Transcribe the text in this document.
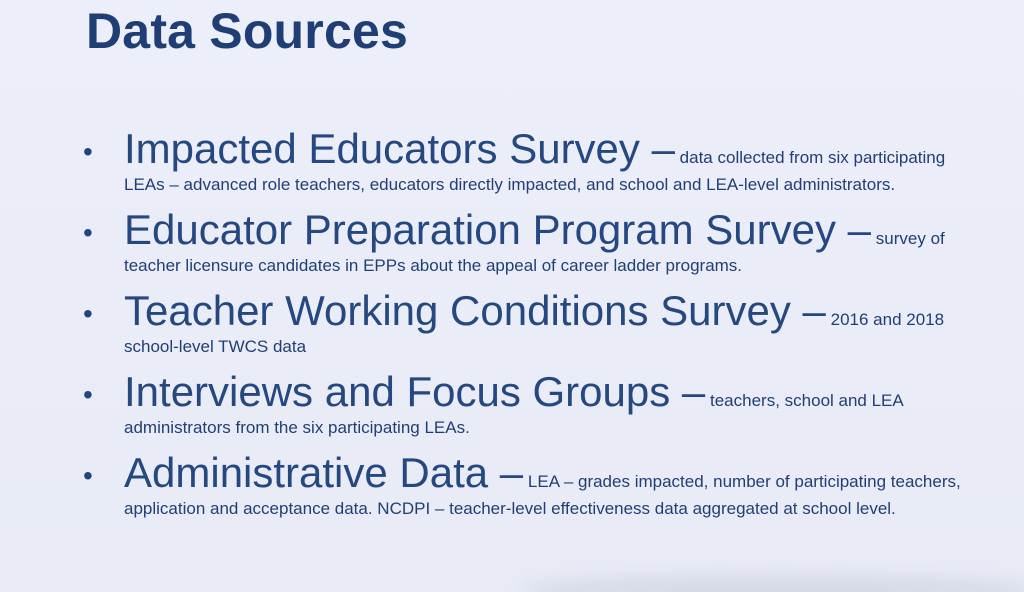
Data Sources
• Impacted Educators Survey – data collected from six participating LEAs – advanced role teachers, educators directly impacted, and school and LEA-level administrators.
• Educator Preparation Program Survey – survey of teacher licensure candidates in EPPs about the appeal of career ladder programs.
• Teacher Working Conditions Survey – 2016 and 2018 school-level TWCS data
• Interviews and Focus Groups – teachers, school and LEA administrators from the six participating LEAs.
• Administrative Data – LEA – grades impacted, number of participating teachers, application and acceptance data. NCDPI – teacher-level effectiveness data aggregated at school level.
